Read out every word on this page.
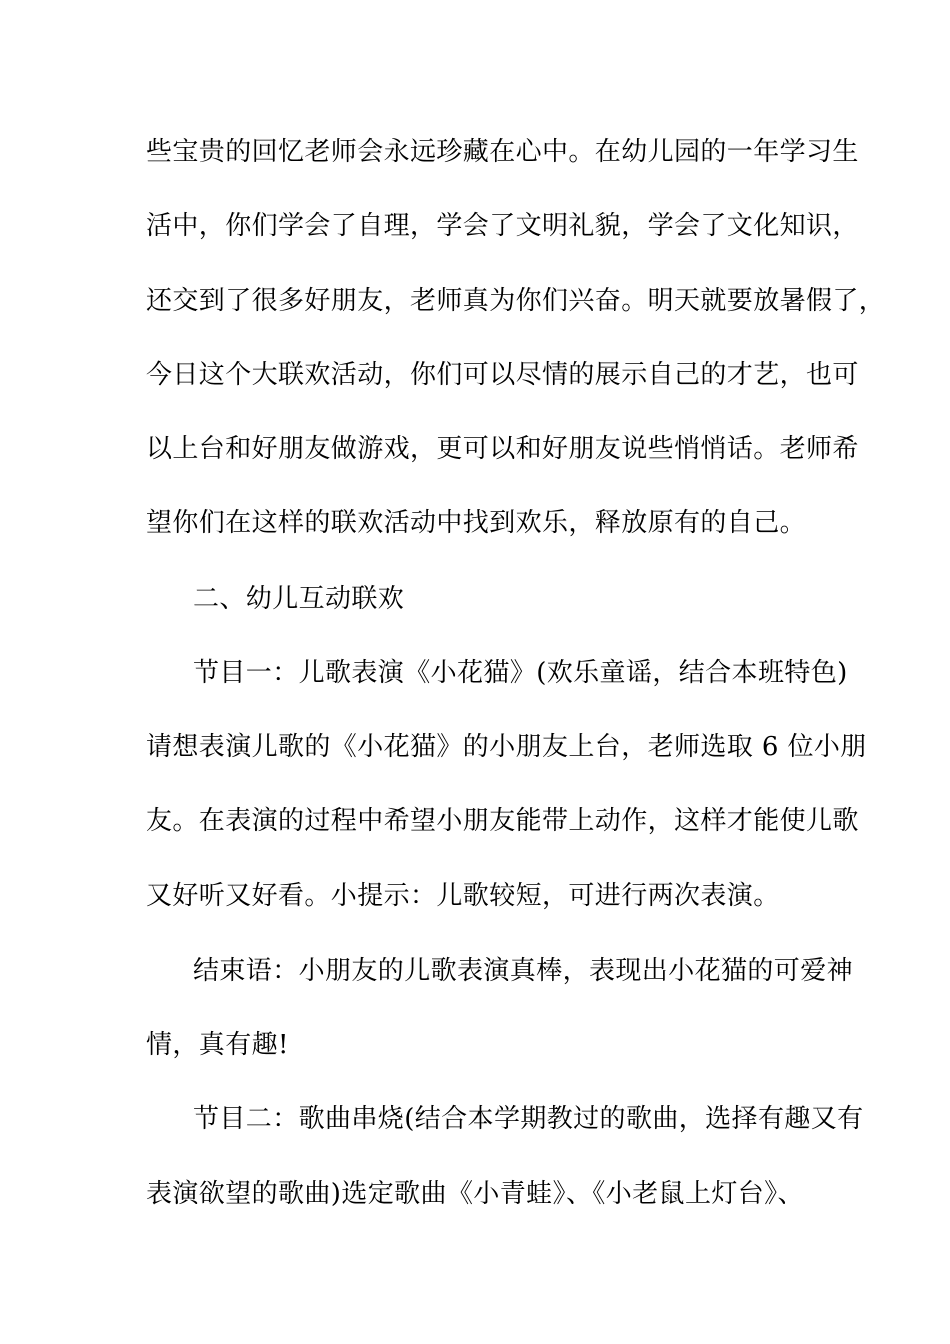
些宝贵的回忆老师会永远珍藏在心中。在幼儿园的一年学习生
活中，你们学会了自理，学会了文明礼貌，学会了文化知识，
还交到了很多好朋友，老师真为你们兴奋。明天就要放暑假了，
今日这个大联欢活动，你们可以尽情的展示自己的才艺，也可
以上台和好朋友做游戏，更可以和好朋友说些悄悄话。老师希
望你们在这样的联欢活动中找到欢乐，释放原有的自己。
二、幼儿互动联欢
节目一：儿歌表演《小花猫》(欢乐童谣，结合本班特色)
请想表演儿歌的《小花猫》的小朋友上台，老师选取 6 位小朋
友。在表演的过程中希望小朋友能带上动作，这样才能使儿歌
又好听又好看。小提示：儿歌较短，可进行两次表演。
结束语：小朋友的儿歌表演真棒，表现出小花猫的可爱神
情，真有趣!
节目二：歌曲串烧(结合本学期教过的歌曲，选择有趣又有
表演欲望的歌曲)选定歌曲《小青蛙》、《小老鼠上灯台》、
